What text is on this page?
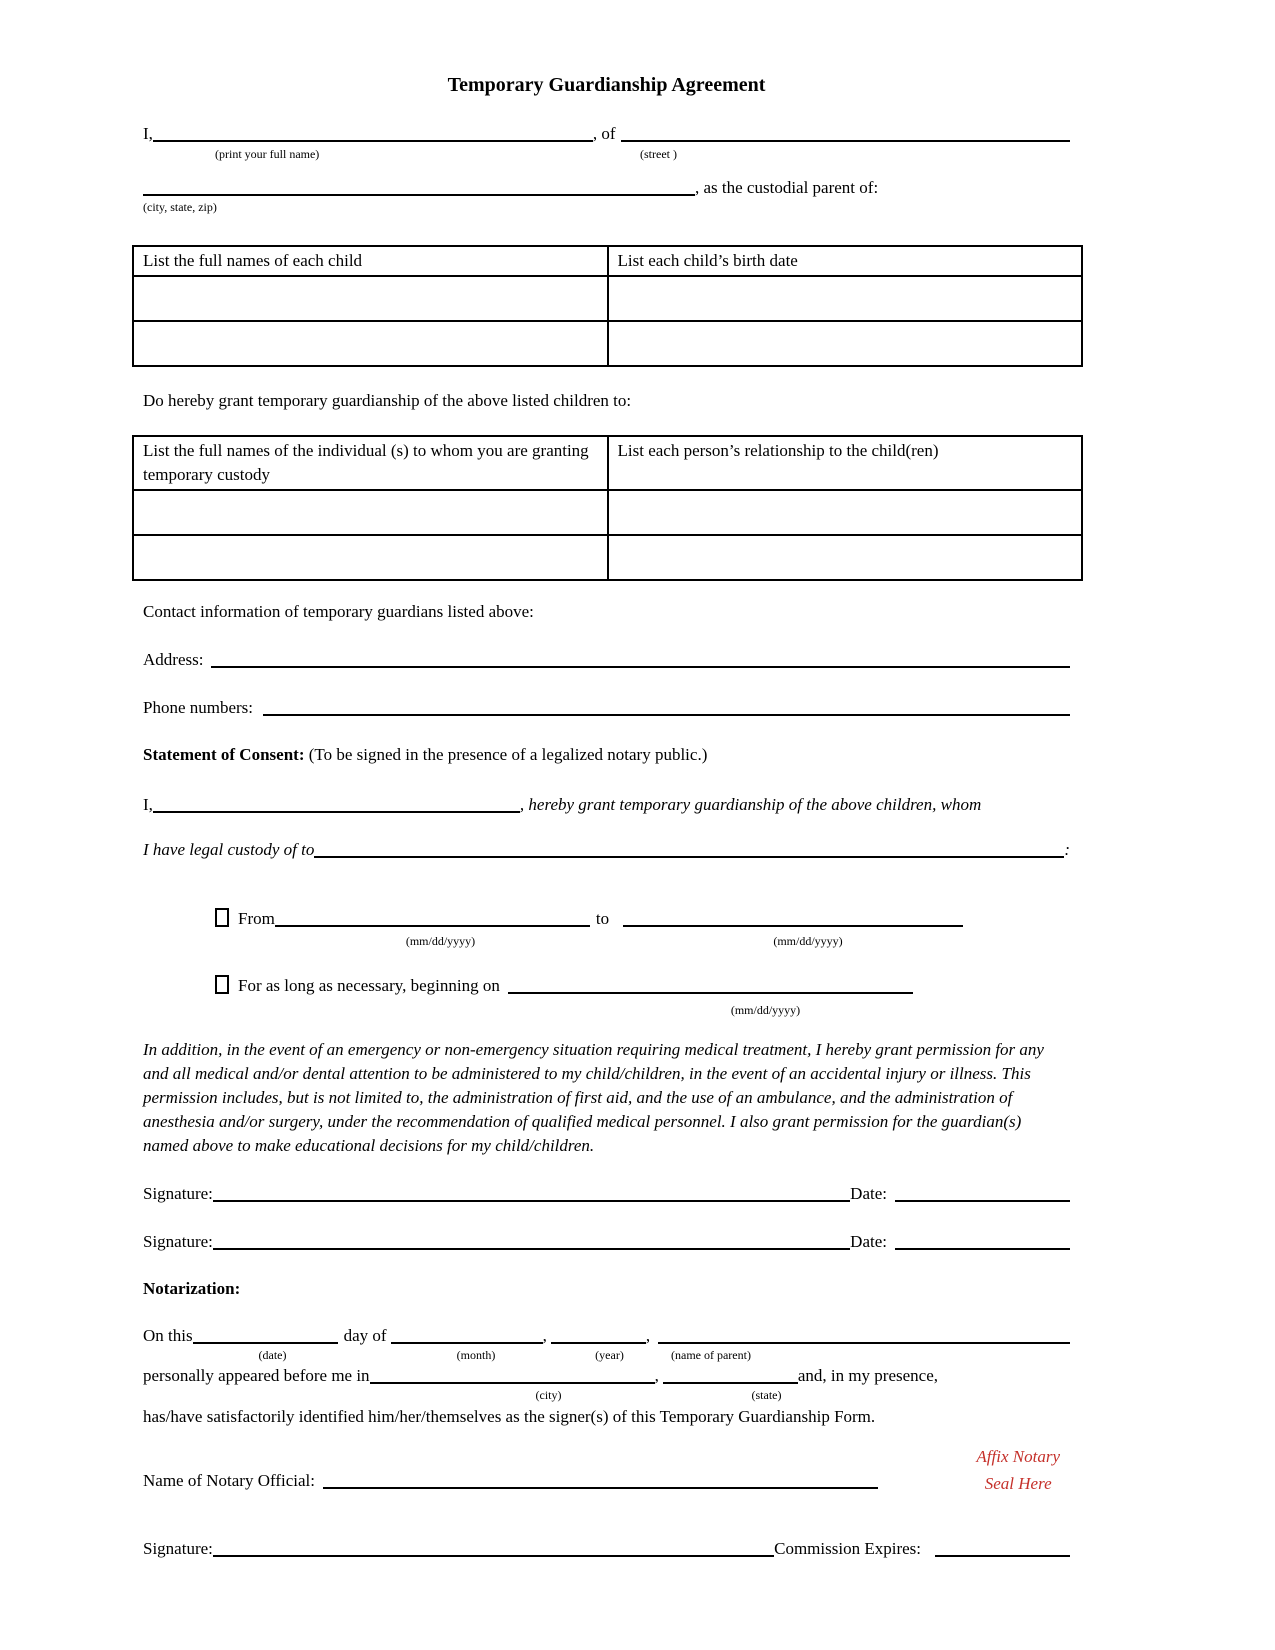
Temporary Guardianship Agreement
I,	, of
(print your full name)	(street )
, as the custodial parent of:
(city, state, zip)
List the full names of each child	List each child’s birth date

Do hereby grant temporary guardianship of the above listed children to:
List the full names of the individual (s) to whom you are granting temporary custody	List each person’s relationship to the child(ren)

Contact information of temporary guardians listed above:
Address:
Phone numbers:
Statement of Consent: (To be signed in the presence of a legalized notary public.)
I,	, hereby grant temporary guardianship of the above children, whom
I have legal custody of to	:
From	to
(mm/dd/yyyy)	(mm/dd/yyyy)
For as long as necessary, beginning on
(mm/dd/yyyy)
In addition, in the event of an emergency or non-emergency situation requiring medical treatment, I hereby grant permission for any and all medical and/or dental attention to be administered to my child/children, in the event of an accidental injury or illness. This permission includes, but is not limited to, the administration of first aid, and the use of an ambulance, and the administration of anesthesia and/or surgery, under the recommendation of qualified medical personnel. I also grant permission for the guardian(s) named above to make educational decisions for my child/children.
Signature:	Date:
Signature:	Date:
Notarization:
On this	day of	,	,
(date)	(month)	(year)	(name of parent)
personally appeared before me in	,	and, in my presence,
(city)	(state)
has/have satisfactorily identified him/her/themselves as the signer(s) of this Temporary Guardianship Form.
Name of Notary Official:
Affix Notary
Seal Here
Signature:	Commission Expires:
